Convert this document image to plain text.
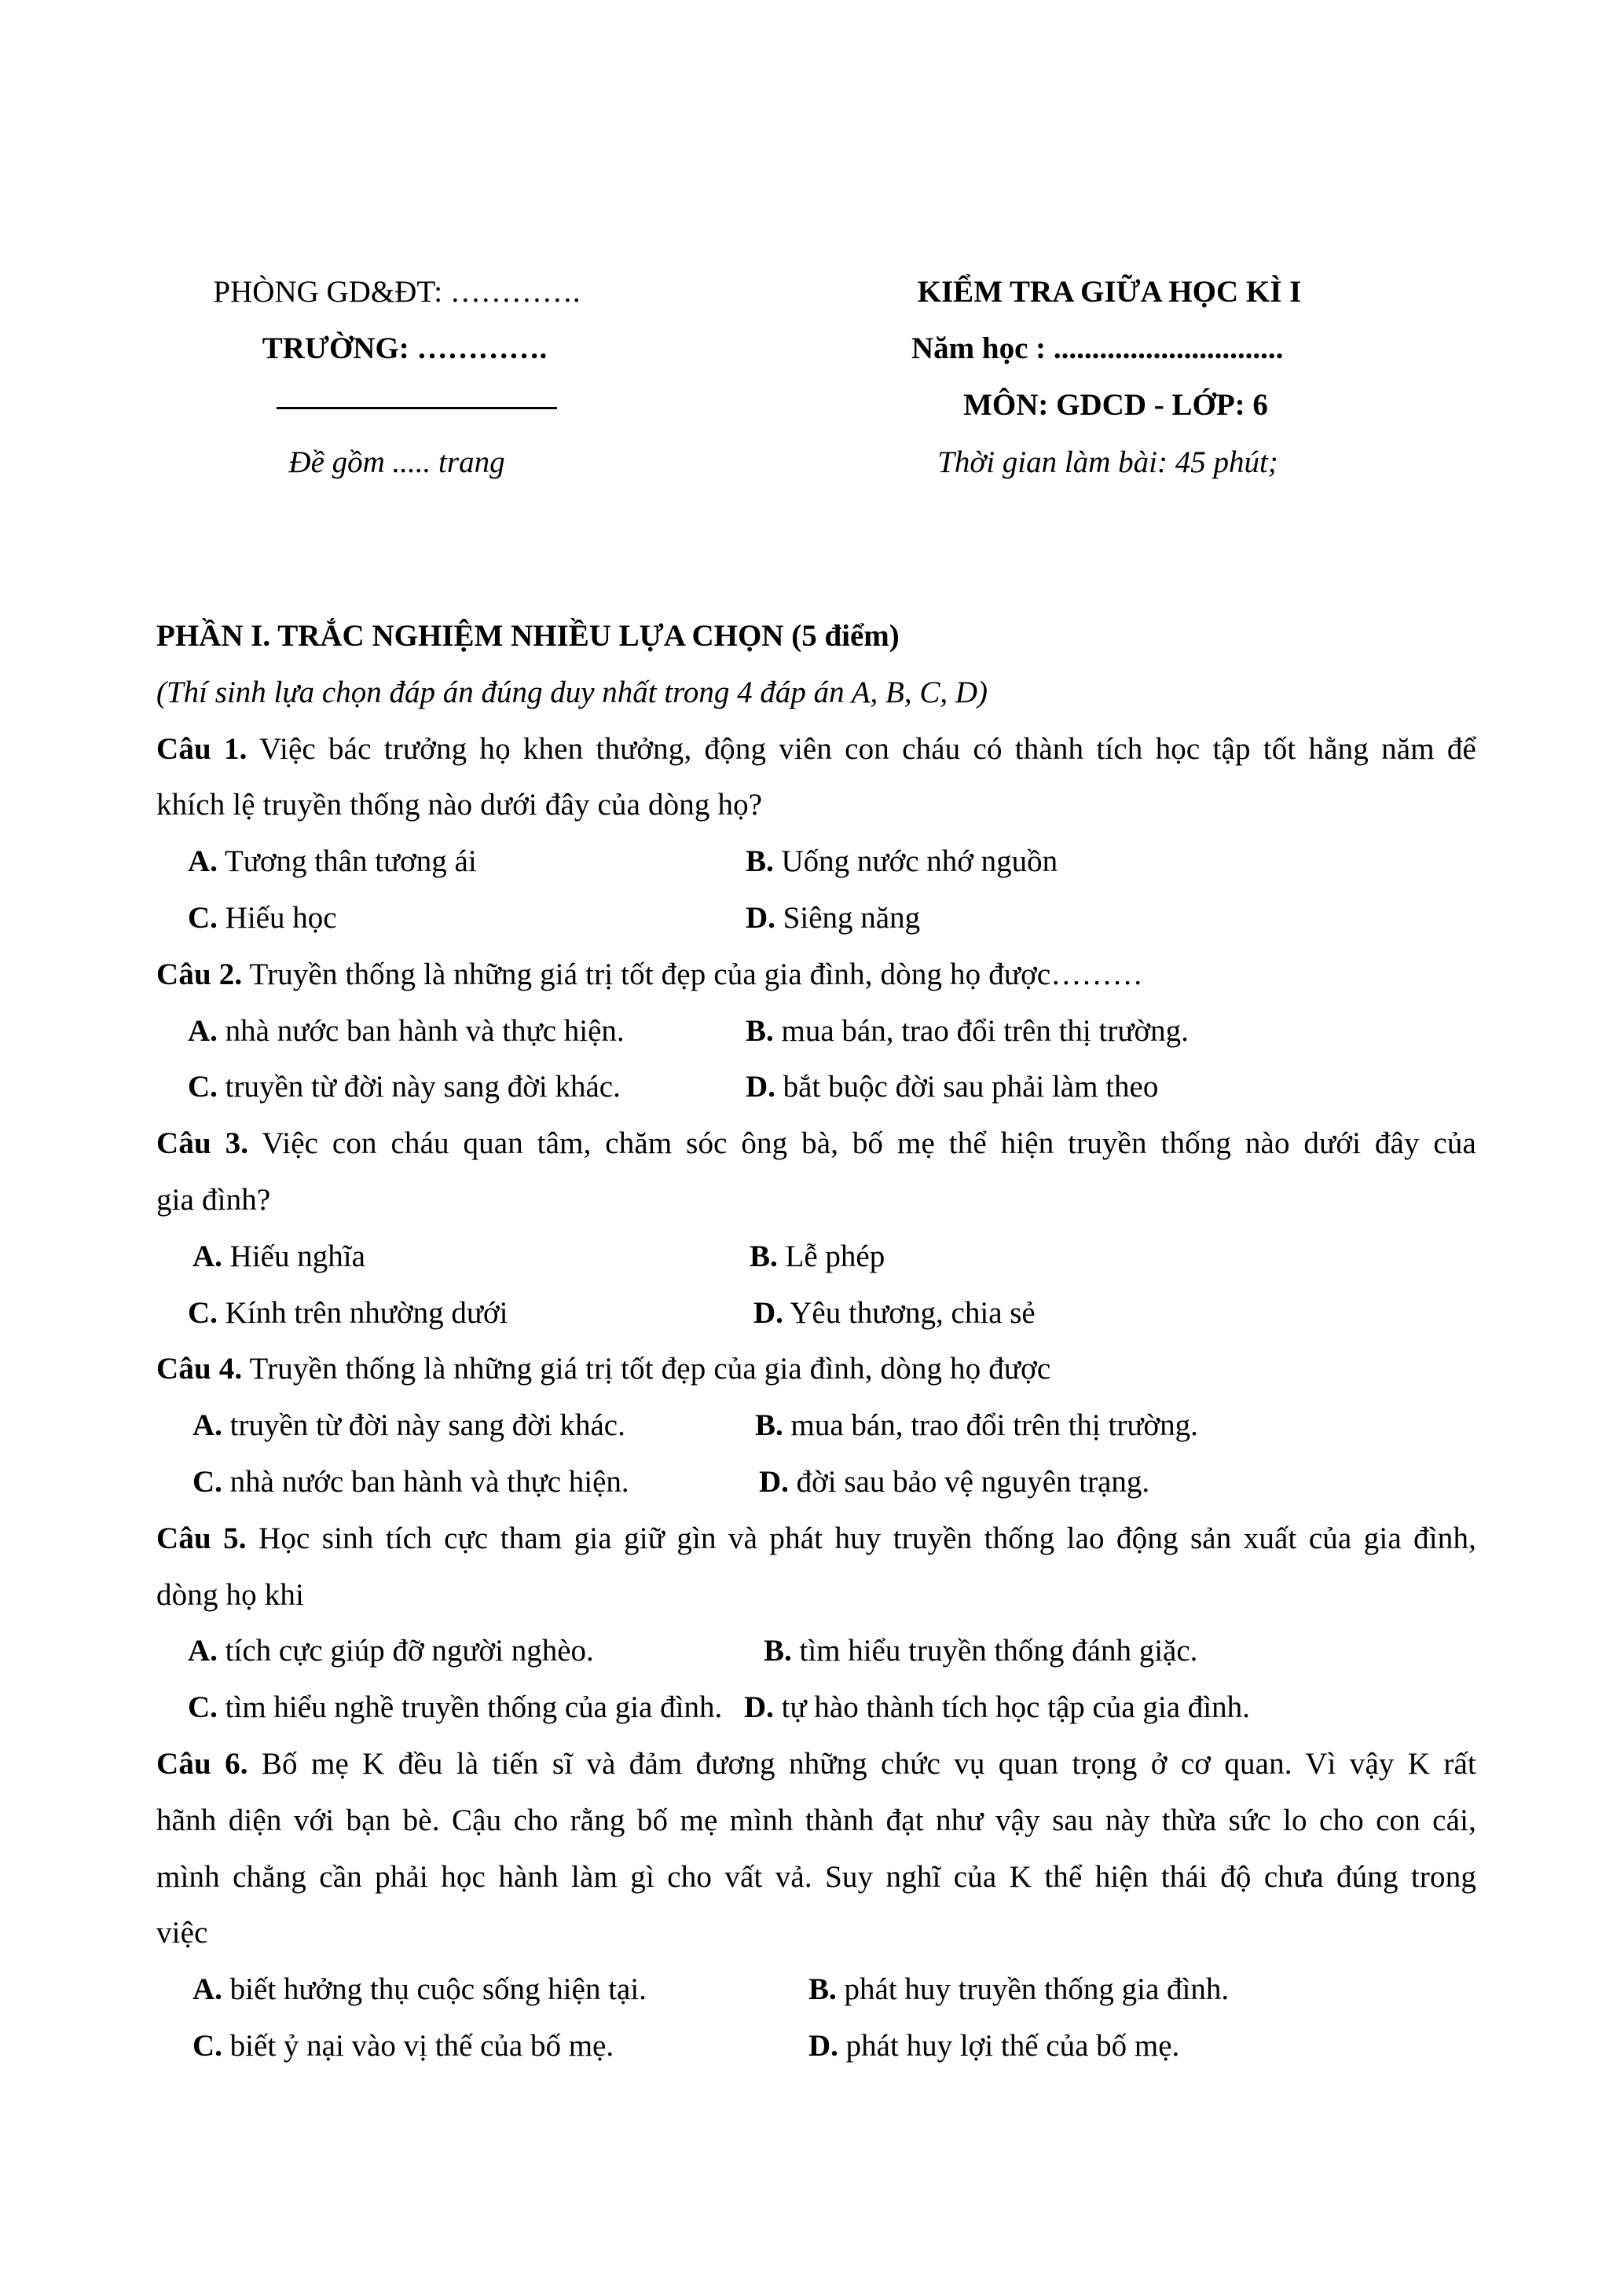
PHÒNG GD&ĐT: ………….
TRƯỜNG: ………….
Đề gồm ..... trang
KIỂM TRA GIỮA HỌC KÌ I
Năm học : ..............................
MÔN: GDCD - LỚP: 6
Thời gian làm bài: 45 phút;
PHẦN I. TRẮC NGHIỆM NHIỀU LỰA CHỌN (5 điểm)
(Thí sinh lựa chọn đáp án đúng duy nhất trong 4 đáp án A, B, C, D)
Câu 1. Việc bác trưởng họ khen thưởng, động viên con cháu có thành tích học tập tốt hằng năm để
khích lệ truyền thống nào dưới đây của dòng họ?
A. Tương thân tương ái	B. Uống nước nhớ nguồn
C. Hiếu học	D. Siêng năng
Câu 2. Truyền thống là những giá trị tốt đẹp của gia đình, dòng họ được………
A. nhà nước ban hành và thực hiện.	B. mua bán, trao đổi trên thị trường.
C. truyền từ đời này sang đời khác.	D. bắt buộc đời sau phải làm theo
Câu 3. Việc con cháu quan tâm, chăm sóc ông bà, bố mẹ thể hiện truyền thống nào dưới đây của
gia đình?
A. Hiếu nghĩa	B. Lễ phép
C. Kính trên nhường dưới	D. Yêu thương, chia sẻ
Câu 4. Truyền thống là những giá trị tốt đẹp của gia đình, dòng họ được
A. truyền từ đời này sang đời khác.	B. mua bán, trao đổi trên thị trường.
C. nhà nước ban hành và thực hiện.	D. đời sau bảo vệ nguyên trạng.
Câu 5. Học sinh tích cực tham gia giữ gìn và phát huy truyền thống lao động sản xuất của gia đình,
dòng họ khi
A. tích cực giúp đỡ người nghèo.	B. tìm hiểu truyền thống đánh giặc.
C. tìm hiểu nghề truyền thống của gia đình. D. tự hào thành tích học tập của gia đình.
Câu 6. Bố mẹ K đều là tiến sĩ và đảm đương những chức vụ quan trọng ở cơ quan. Vì vậy K rất
hãnh diện với bạn bè. Cậu cho rằng bố mẹ mình thành đạt như vậy sau này thừa sức lo cho con cái,
mình chẳng cần phải học hành làm gì cho vất vả. Suy nghĩ của K thể hiện thái độ chưa đúng trong
việc
A. biết hưởng thụ cuộc sống hiện tại.	B. phát huy truyền thống gia đình.
C. biết ỷ nại vào vị thế của bố mẹ.	D. phát huy lợi thế của bố mẹ.
